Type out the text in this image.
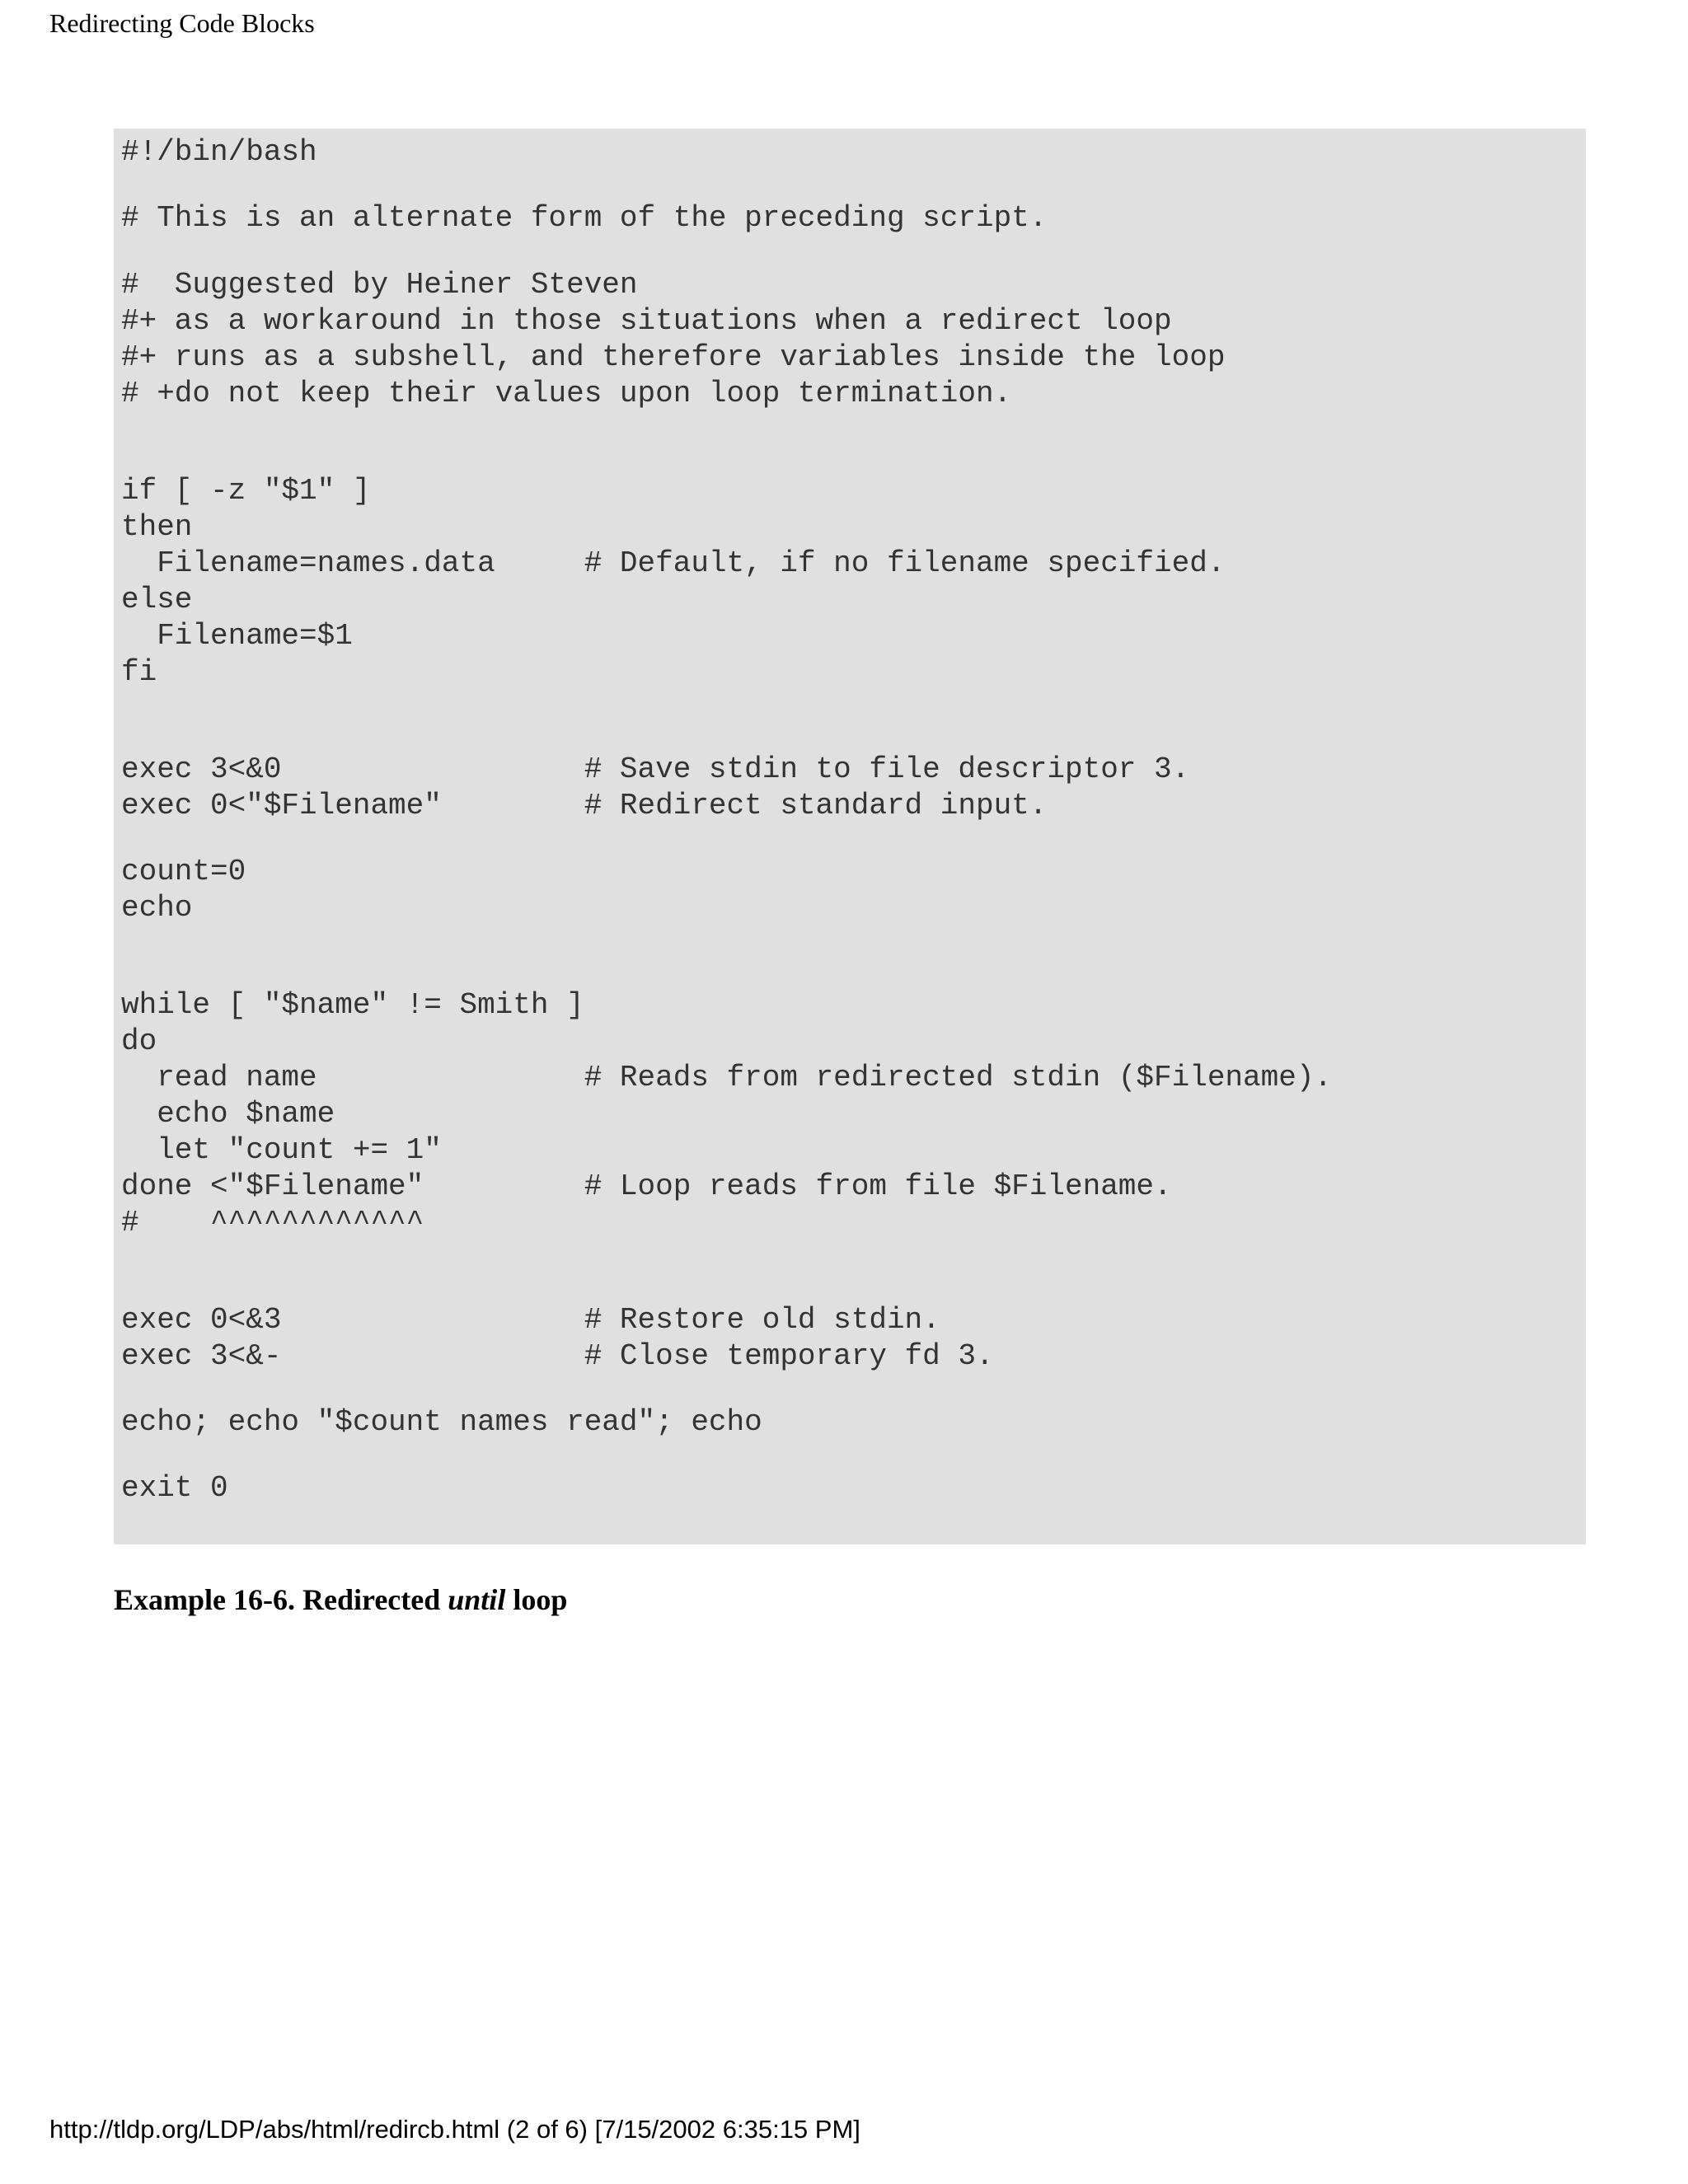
Redirecting Code Blocks
#!/bin/bash
# This is an alternate form of the preceding script.
#  Suggested by Heiner Steven
#+ as a workaround in those situations when a redirect loop
#+ runs as a subshell, and therefore variables inside the loop
# +do not keep their values upon loop termination.
if [ -z "$1" ]
then
Filename=names.data     # Default, if no filename specified.
else
Filename=$1
fi
exec 3<&0                 # Save stdin to file descriptor 3.
exec 0<"$Filename"        # Redirect standard input.
count=0
echo
while [ "$name" != Smith ]
do
read name               # Reads from redirected stdin ($Filename).
echo $name
let "count += 1"
done <"$Filename"         # Loop reads from file $Filename.
#    ^^^^^^^^^^^^
exec 0<&3                 # Restore old stdin.
exec 3<&-                 # Close temporary fd 3.
echo; echo "$count names read"; echo
exit 0
Example 16-6. Redirected until loop
http://tldp.org/LDP/abs/html/redircb.html (2 of 6) [7/15/2002 6:35:15 PM]
